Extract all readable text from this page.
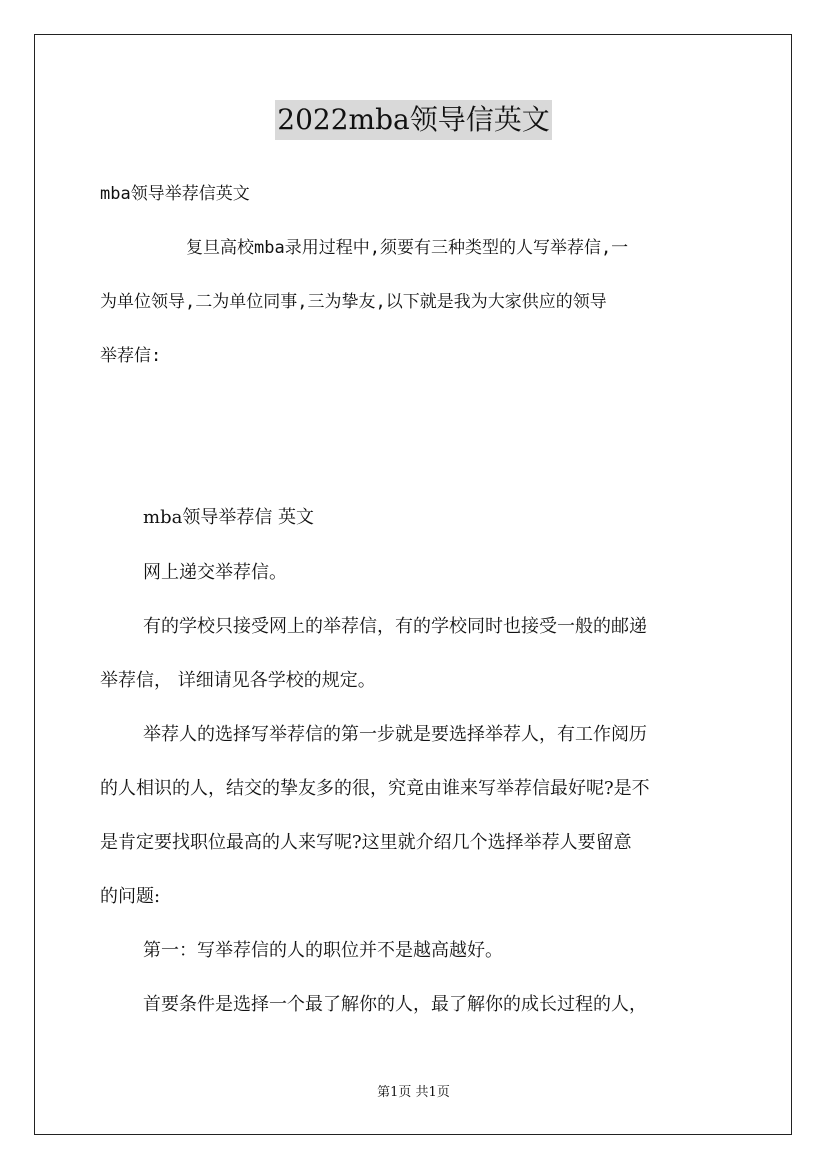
2022mba领导信英文
mba领导举荐信英文
复旦高校mba录用过程中,须要有三种类型的人写举荐信,一
为单位领导,二为单位同事,三为挚友,以下就是我为大家供应的领导
举荐信:
mba领导举荐信 英文
网上递交举荐信。
有的学校只接受网上的举荐信，有的学校同时也接受一般的邮递
举荐信， 详细请见各学校的规定。
举荐人的选择写举荐信的第一步就是要选择举荐人，有工作阅历
的人相识的人，结交的挚友多的很，究竟由谁来写举荐信最好呢?是不
是肯定要找职位最高的人来写呢?这里就介绍几个选择举荐人要留意
的问题:
第一：写举荐信的人的职位并不是越高越好。
首要条件是选择一个最了解你的人，最了解你的成长过程的人，
第1页 共1页
